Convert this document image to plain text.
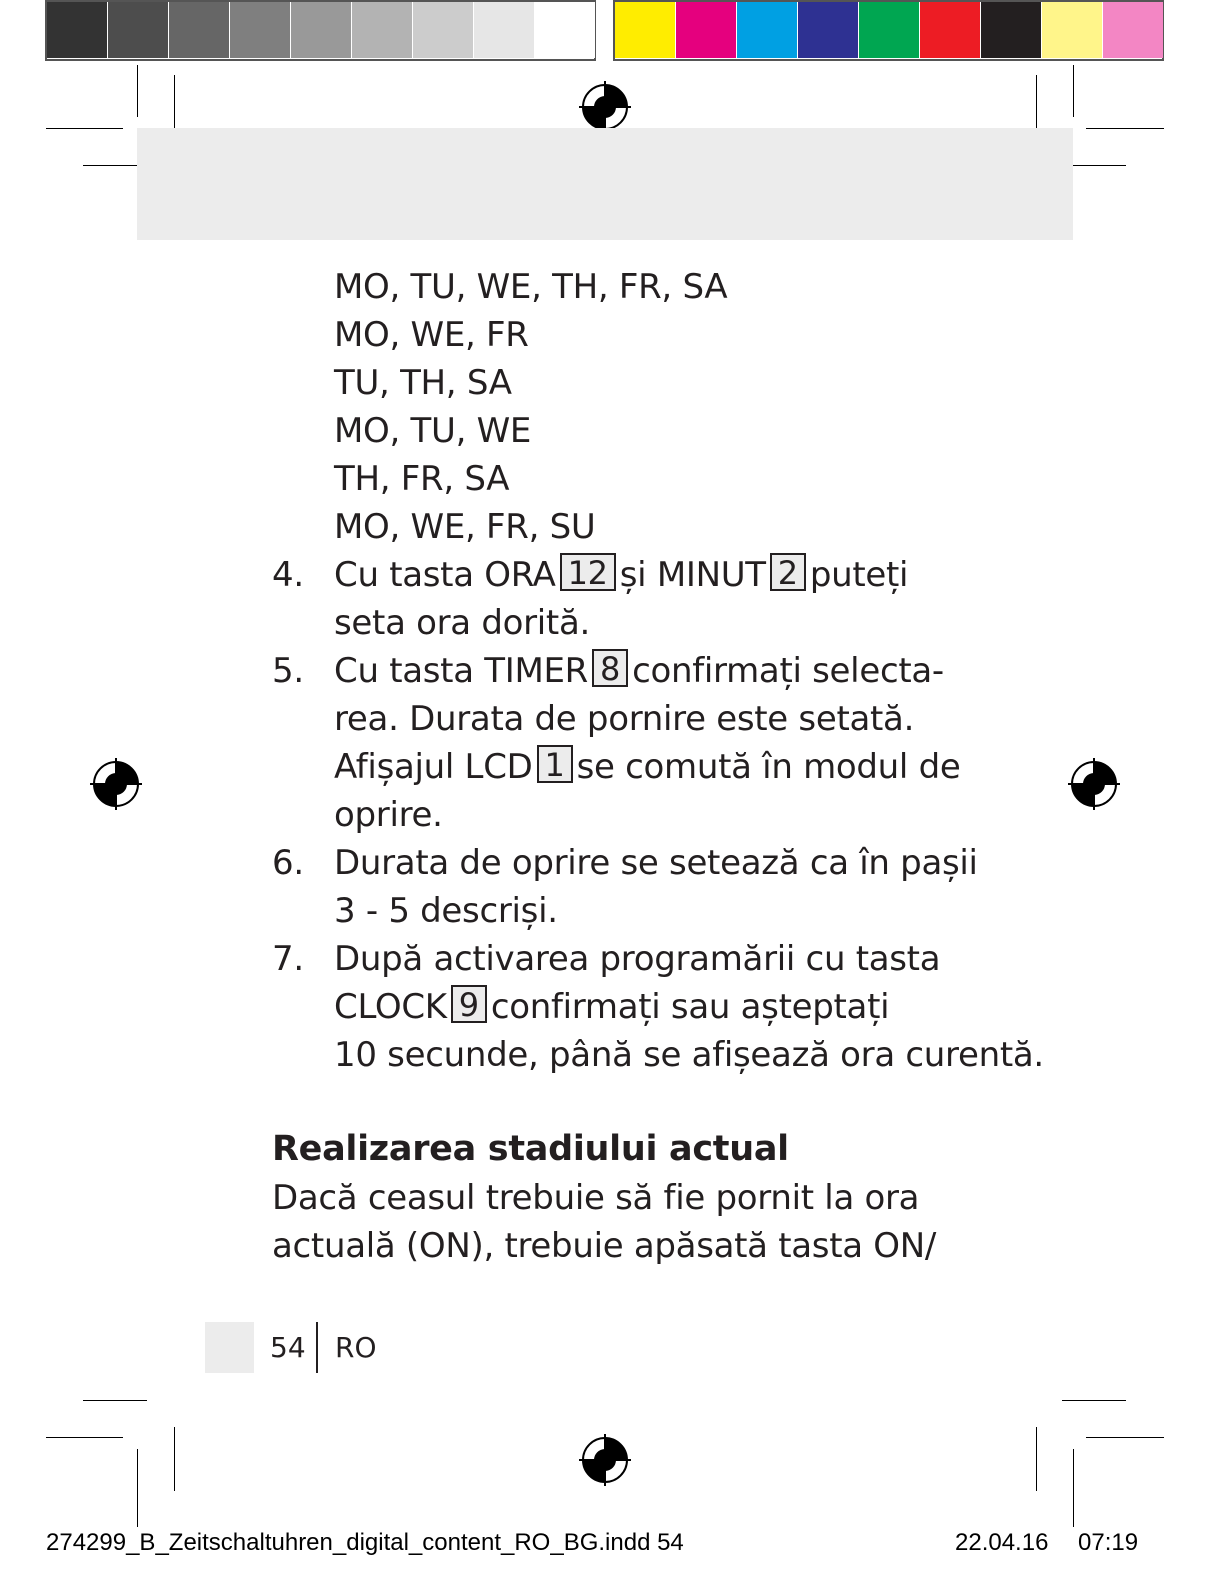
MO, TU, WE, TH, FR, SA
MO, WE, FR
TU, TH, SA
MO, TU, WE
TH, FR, SA
MO, WE, FR, SU
4. Cu tasta ORA 12 și MINUT 2 puteți
seta ora dorită.
5. Cu tasta TIMER 8 confirmați selecta-
rea. Durata de pornire este setată.
Afișajul LCD 1 se comută în modul de
oprire.
6. Durata de oprire se setează ca în pașii
3 - 5 descriși.
7. După activarea programării cu tasta
CLOCK 9 confirmați sau așteptați
10 secunde, până se afișează ora curentă.
Realizarea stadiului actual
Dacă ceasul trebuie să fie pornit la ora
actuală (ON), trebuie apăsată tasta ON/
54 RO
274299_B_Zeitschaltuhren_digital_content_RO_BG.indd 54	22.04.16 07:19
